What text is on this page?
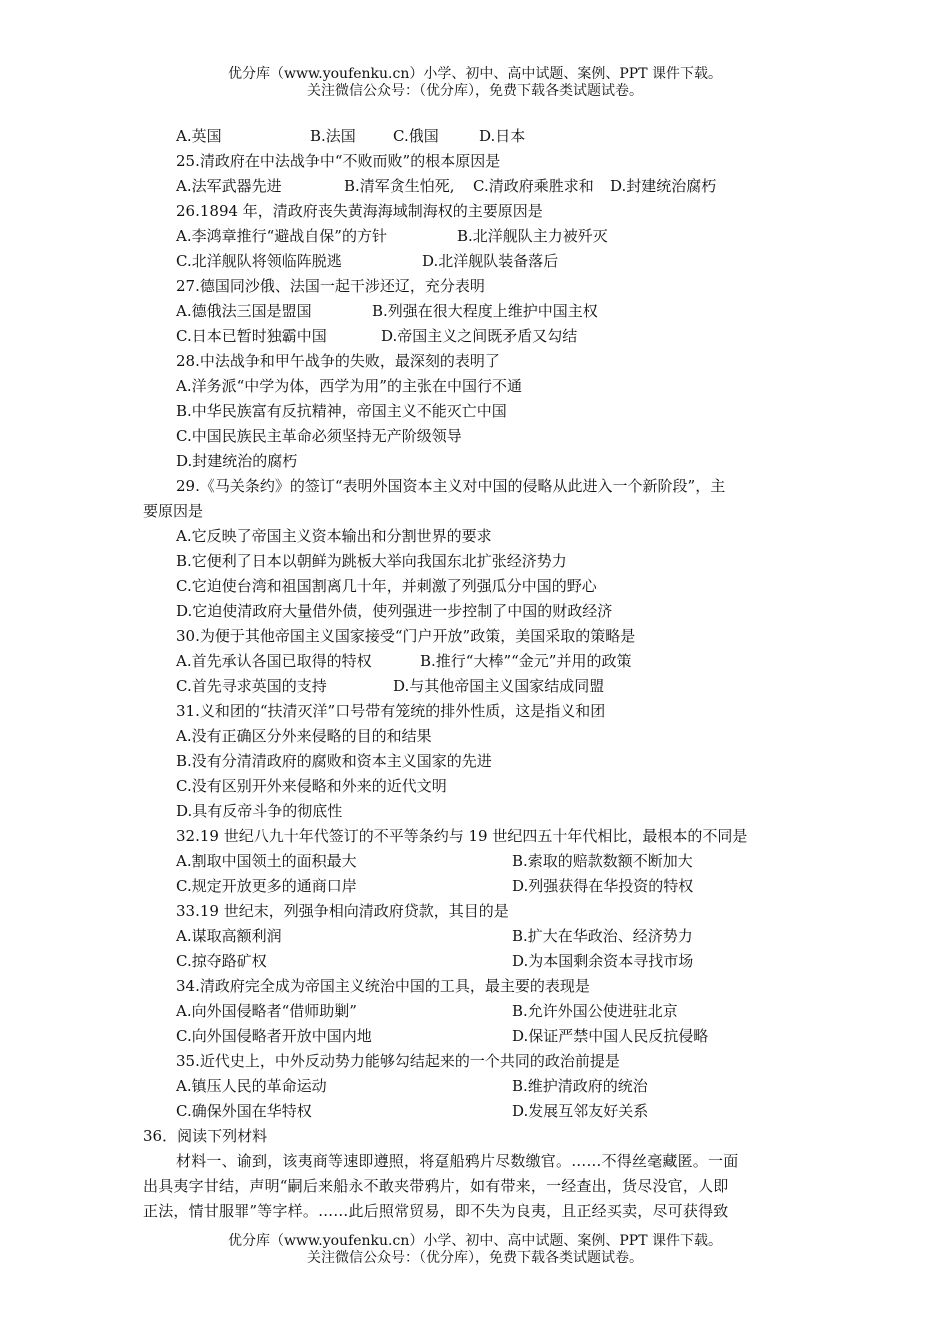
优分库（www.youfenku.cn）小学、初中、高中试题、案例、PPT 课件下载。
关注微信公众号：（优分库），免费下载各类试题试卷。
A.英国	B.法国 C.俄国	D.日本
25.清政府在中法战争中“不败而败”的根本原因是
A.法军武器先进	B.清军贪生怕死, C.清政府乘胜求和 D.封建统治腐朽
26.1894 年，清政府丧失黄海海域制海权的主要原因是
A.李鸿章推行“避战自保”的方针	B.北洋舰队主力被歼灭
C.北洋舰队将领临阵脱逃	D.北洋舰队装备落后
27.德国同沙俄、法国一起干涉还辽，充分表明
A.德俄法三国是盟国	B.列强在很大程度上维护中国主权
C.日本已暂时独霸中国	D.帝国主义之间既矛盾又勾结
28.中法战争和甲午战争的失败，最深刻的表明了
A.洋务派“中学为体，西学为用”的主张在中国行不通
B.中华民族富有反抗精神，帝国主义不能灭亡中国
C.中国民族民主革命必须坚持无产阶级领导
D.封建统治的腐朽
29.《马关条约》的签订“表明外国资本主义对中国的侵略从此进入一个新阶段”，主
要原因是
A.它反映了帝国主义资本输出和分割世界的要求
B.它便利了日本以朝鲜为跳板大举向我国东北扩张经济势力
C.它迫使台湾和祖国割离几十年，并刺激了列强瓜分中国的野心
D.它迫使清政府大量借外债，使列强进一步控制了中国的财政经济
30.为便于其他帝国主义国家接受“门户开放”政策，美国采取的策略是
A.首先承认各国已取得的特权	B.推行“大棒”“金元”并用的政策
C.首先寻求英国的支持	D.与其他帝国主义国家结成同盟
31.义和团的“扶清灭洋”口号带有笼统的排外性质，这是指义和团
A.没有正确区分外来侵略的目的和结果
B.没有分清清政府的腐败和资本主义国家的先进
C.没有区别开外来侵略和外来的近代文明
D.具有反帝斗争的彻底性
32.19 世纪八九十年代签订的不平等条约与 19 世纪四五十年代相比，最根本的不同是
A.割取中国领土的面积最大	B.索取的赔款数额不断加大
C.规定开放更多的通商口岸	D.列强获得在华投资的特权
33.19 世纪末，列强争相向清政府贷款，其目的是
A.谋取高额利润	B.扩大在华政治、经济势力
C.掠夺路矿权	D.为本国剩余资本寻找市场
34.清政府完全成为帝国主义统治中国的工具，最主要的表现是
A.向外国侵略者“借师助剿”	B.允许外国公使进驻北京
C.向外国侵略者开放中国内地	D.保证严禁中国人民反抗侵略
35.近代史上，中外反动势力能够勾结起来的一个共同的政治前提是
A.镇压人民的革命运动	B.维护清政府的统治
C.确保外国在华特权	D.发展互邻友好关系
36．阅读下列材料
材料一、谕到，该夷商等速即遵照，将趸船鸦片尽数缴官。……不得丝毫藏匿。一面
出具夷字甘结，声明“嗣后来船永不敢夹带鸦片，如有带来，一经查出，货尽没官，人即
正法，情甘服罪”等字样。……此后照常贸易，即不失为良夷，且正经买卖，尽可获得致
优分库（www.youfenku.cn）小学、初中、高中试题、案例、PPT 课件下载。
关注微信公众号：（优分库），免费下载各类试题试卷。
